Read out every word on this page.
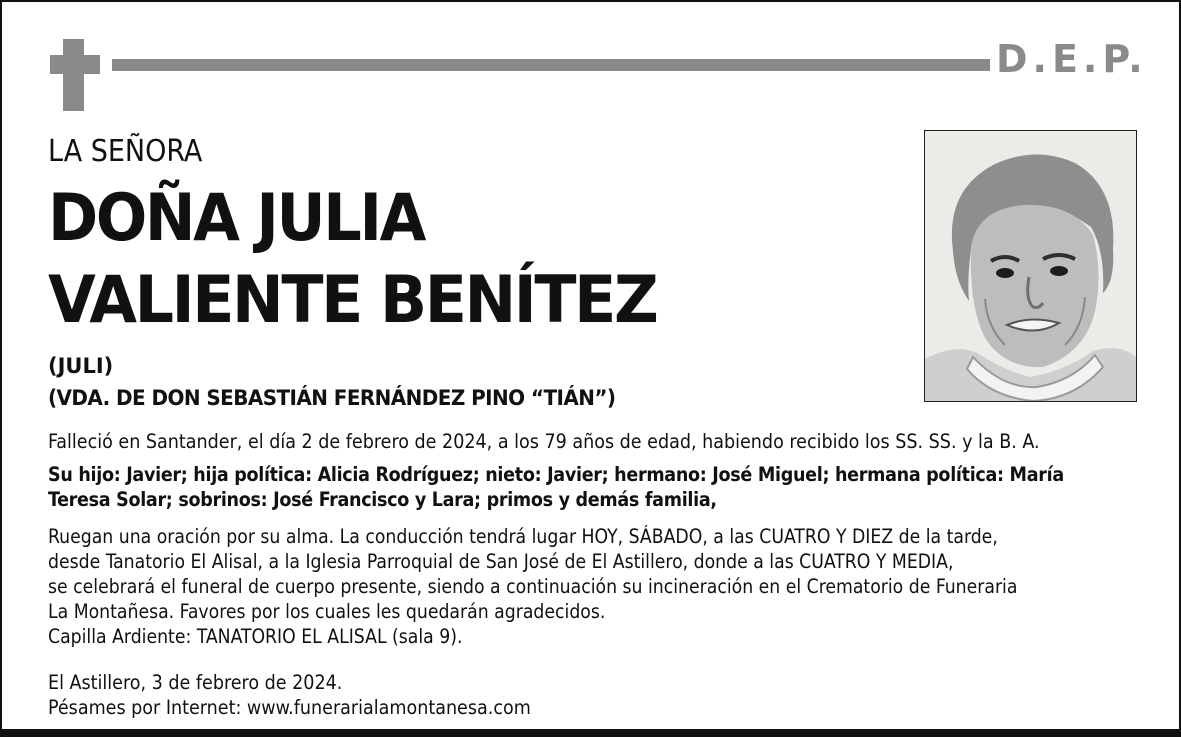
D.E.P.
LA SEÑORA
DOÑA JULIA
VALIENTE BENÍTEZ
(JULI)
(VDA. DE DON SEBASTIÁN FERNÁNDEZ PINO “TIÁN”)
Falleció en Santander, el día 2 de febrero de 2024, a los 79 años de edad, habiendo recibido los SS. SS. y la B. A.
Su hijo: Javier; hija política: Alicia Rodríguez; nieto: Javier; hermano: José Miguel; hermana política: María
Teresa Solar; sobrinos: José Francisco y Lara; primos y demás familia,
Ruegan una oración por su alma. La conducción tendrá lugar HOY, SÁBADO, a las CUATRO Y DIEZ de la tarde,
desde Tanatorio El Alisal, a la Iglesia Parroquial de San José de El Astillero, donde a las CUATRO Y MEDIA,
se celebrará el funeral de cuerpo presente, siendo a continuación su incineración en el Crematorio de Funeraria
La Montañesa. Favores por los cuales les quedarán agradecidos.
Capilla Ardiente: TANATORIO EL ALISAL (sala 9).
El Astillero, 3 de febrero de 2024.
Pésames por Internet: www.funerarialamontanesa.com
